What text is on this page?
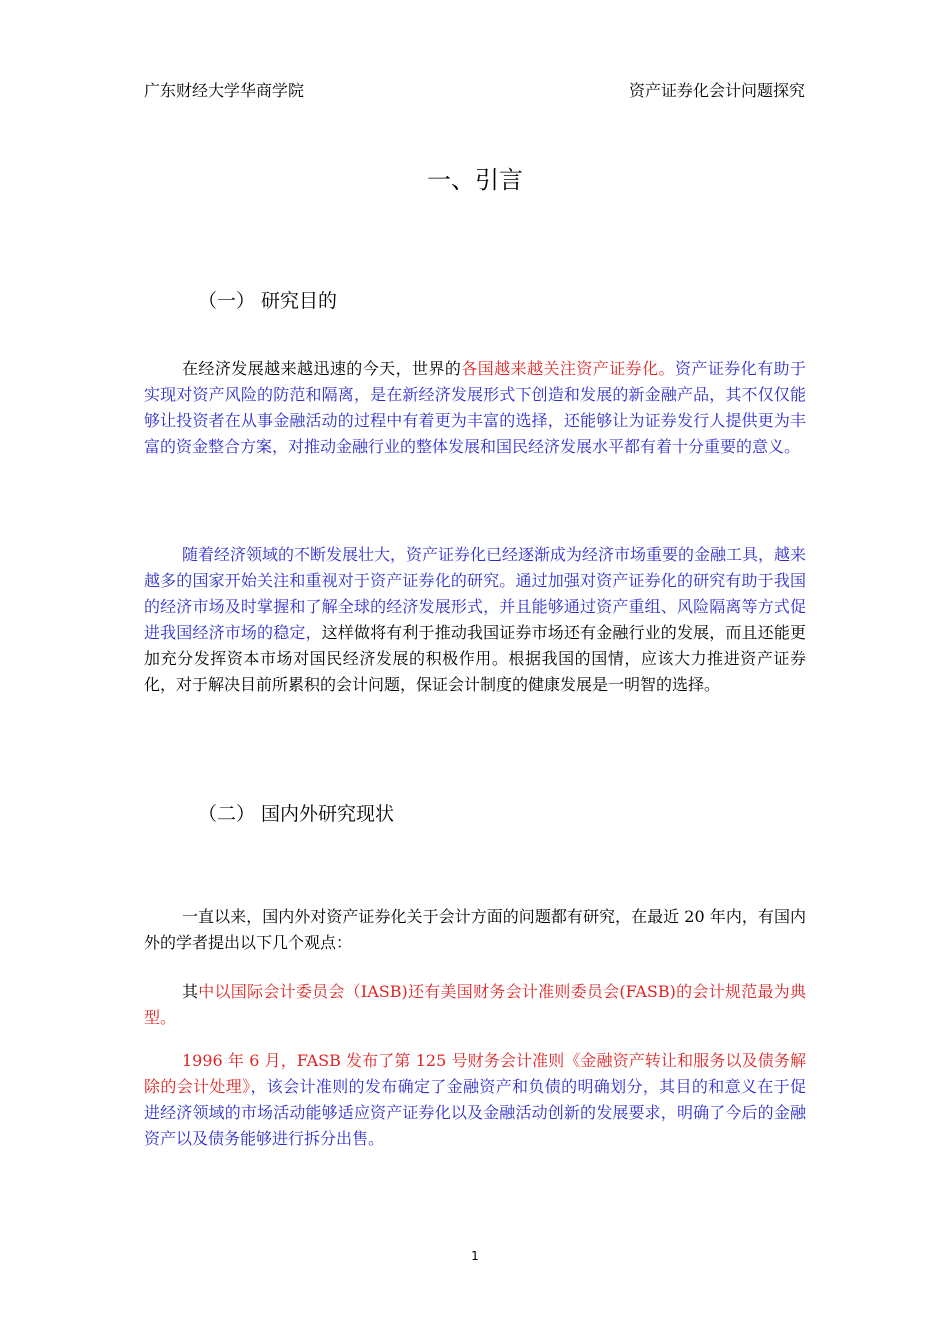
广东财经大学华商学院	资产证券化会计问题探究
一、引言
（一） 研究目的

在经济发展越来越迅速的今天，世界的各国越来越关注资产证券化。资产证券化有助于实现对资产风险的防范和隔离，是在新经济发展形式下创造和发展的新金融产品，其不仅仅能够让投资者在从事金融活动的过程中有着更为丰富的选择，还能够让为证券发行人提供更为丰富的资金整合方案，对推动金融行业的整体发展和国民经济发展水平都有着十分重要的意义。

随着经济领域的不断发展壮大，资产证券化已经逐渐成为经济市场重要的金融工具，越来越多的国家开始关注和重视对于资产证券化的研究。通过加强对资产证券化的研究有助于我国的经济市场及时掌握和了解全球的经济发展形式，并且能够通过资产重组、风险隔离等方式促进我国经济市场的稳定，这样做将有利于推动我国证券市场还有金融行业的发展，而且还能更加充分发挥资本市场对国民经济发展的积极作用。根据我国的国情，应该大力推进资产证券化，对于解决目前所累积的会计问题，保证会计制度的健康发展是一明智的选择。

（二） 国内外研究现状

一直以来，国内外对资产证券化关于会计方面的问题都有研究，在最近 20 年内，有国内外的学者提出以下几个观点：

其中以国际会计委员会（IASB)还有美国财务会计准则委员会(FASB)的会计规范最为典型。

1996 年 6 月，FASB 发布了第 125 号财务会计准则《金融资产转让和服务以及债务解除的会计处理》，该会计准则的发布确定了金融资产和负债的明确划分，其目的和意义在于促进经济领域的市场活动能够适应资产证券化以及金融活动创新的发展要求，明确了今后的金融资产以及债务能够进行拆分出售。

1
